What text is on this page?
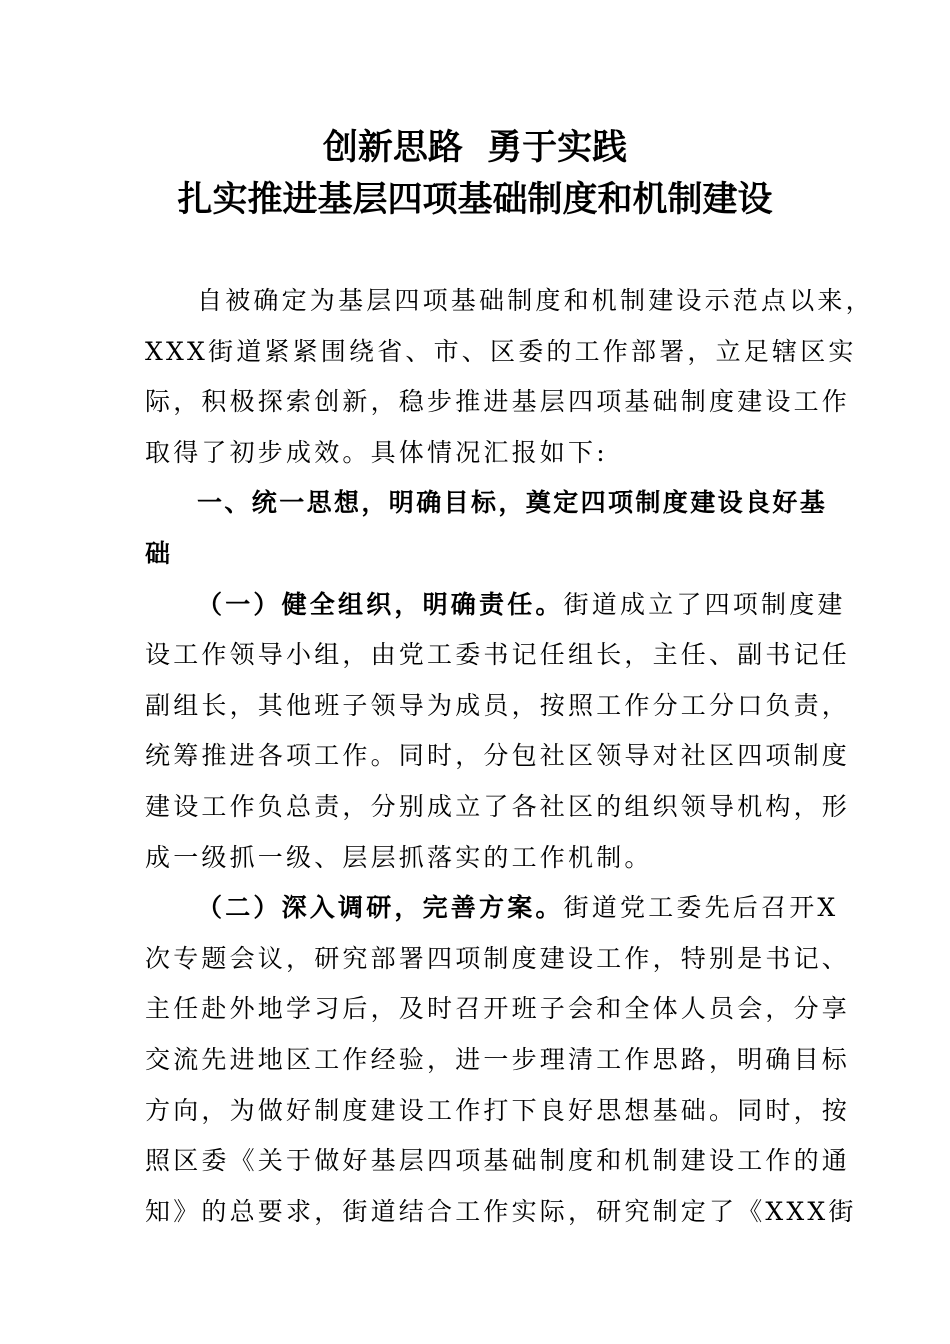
创新思路  勇于实践
扎实推进基层四项基础制度和机制建设
自被确定为基层四项基础制度和机制建设示范点以来，
XXX街道紧紧围绕省、市、区委的工作部署，立足辖区实
际，积极探索创新，稳步推进基层四项基础制度建设工作
取得了初步成效。具体情况汇报如下:
一、统一思想，明确目标，奠定四项制度建设良好基
础
（一）健全组织，明确责任。街道成立了四项制度建
设工作领导小组，由党工委书记任组长，主任、副书记任
副组长，其他班子领导为成员，按照工作分工分口负责，
统筹推进各项工作。同时，分包社区领导对社区四项制度
建设工作负总责，分别成立了各社区的组织领导机构，形
成一级抓一级、层层抓落实的工作机制。
（二）深入调研，完善方案。街道党工委先后召开X
次专题会议，研究部署四项制度建设工作，特别是书记、
主任赴外地学习后，及时召开班子会和全体人员会，分享
交流先进地区工作经验，进一步理清工作思路，明确目标
方向，为做好制度建设工作打下良好思想基础。同时，按
照区委《关于做好基层四项基础制度和机制建设工作的通
知》的总要求，街道结合工作实际，研究制定了《XXX街
